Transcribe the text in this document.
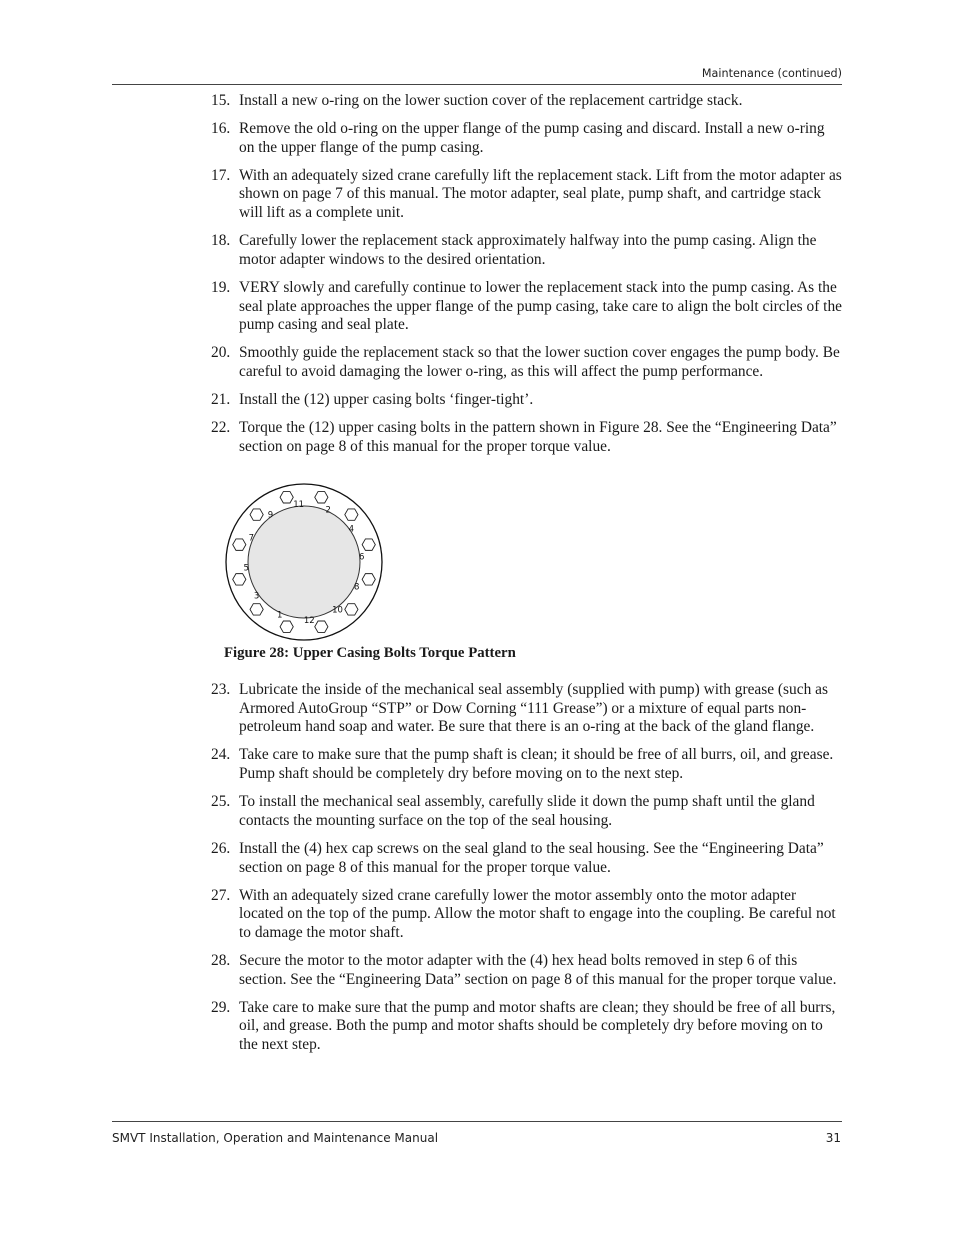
Maintenance (continued)
15. Install a new o-ring on the lower suction cover of the replacement cartridge stack.
16. Remove the old o-ring on the upper flange of the pump casing and discard. Install a new o-ring on the upper flange of the pump casing.
17. With an adequately sized crane carefully lift the replacement stack. Lift from the motor adapter as shown on page 7 of this manual. The motor adapter, seal plate, pump shaft, and cartridge stack will lift as a complete unit.
18. Carefully lower the replacement stack approximately halfway into the pump casing. Align the motor adapter windows to the desired orientation.
19. VERY slowly and carefully continue to lower the replacement stack into the pump casing. As the seal plate approaches the upper flange of the pump casing, take care to align the bolt circles of the pump casing and seal plate.
20. Smoothly guide the replacement stack so that the lower suction cover engages the pump body. Be careful to avoid damaging the lower o-ring, as this will affect the pump performance.
21. Install the (12) upper casing bolts ‘finger-tight’.
22. Torque the (12) upper casing bolts in the pattern shown in Figure 28. See the “Engineering Data” section on page 8 of this manual for the proper torque value.
2
4
6
8
10
12
1
3
5
7
9
11
Figure 28: Upper Casing Bolts Torque Pattern
23. Lubricate the inside of the mechanical seal assembly (supplied with pump) with grease (such as Armored AutoGroup “STP” or Dow Corning “111 Grease”) or a mixture of equal parts non-petroleum hand soap and water. Be sure that there is an o-ring at the back of the gland flange.
24. Take care to make sure that the pump shaft is clean; it should be free of all burrs, oil, and grease. Pump shaft should be completely dry before moving on to the next step.
25. To install the mechanical seal assembly, carefully slide it down the pump shaft until the gland contacts the mounting surface on the top of the seal housing.
26. Install the (4) hex cap screws on the seal gland to the seal housing. See the “Engineering Data” section on page 8 of this manual for the proper torque value.
27. With an adequately sized crane carefully lower the motor assembly onto the motor adapter located on the top of the pump. Allow the motor shaft to engage into the coupling. Be careful not to damage the motor shaft.
28. Secure the motor to the motor adapter with the (4) hex head bolts removed in step 6 of this section. See the “Engineering Data” section on page 8 of this manual for the proper torque value.
29. Take care to make sure that the pump and motor shafts are clean; they should be free of all burrs, oil, and grease. Both the pump and motor shafts should be completely dry before moving on to the next step.
SMVT Installation, Operation and Maintenance Manual	31
